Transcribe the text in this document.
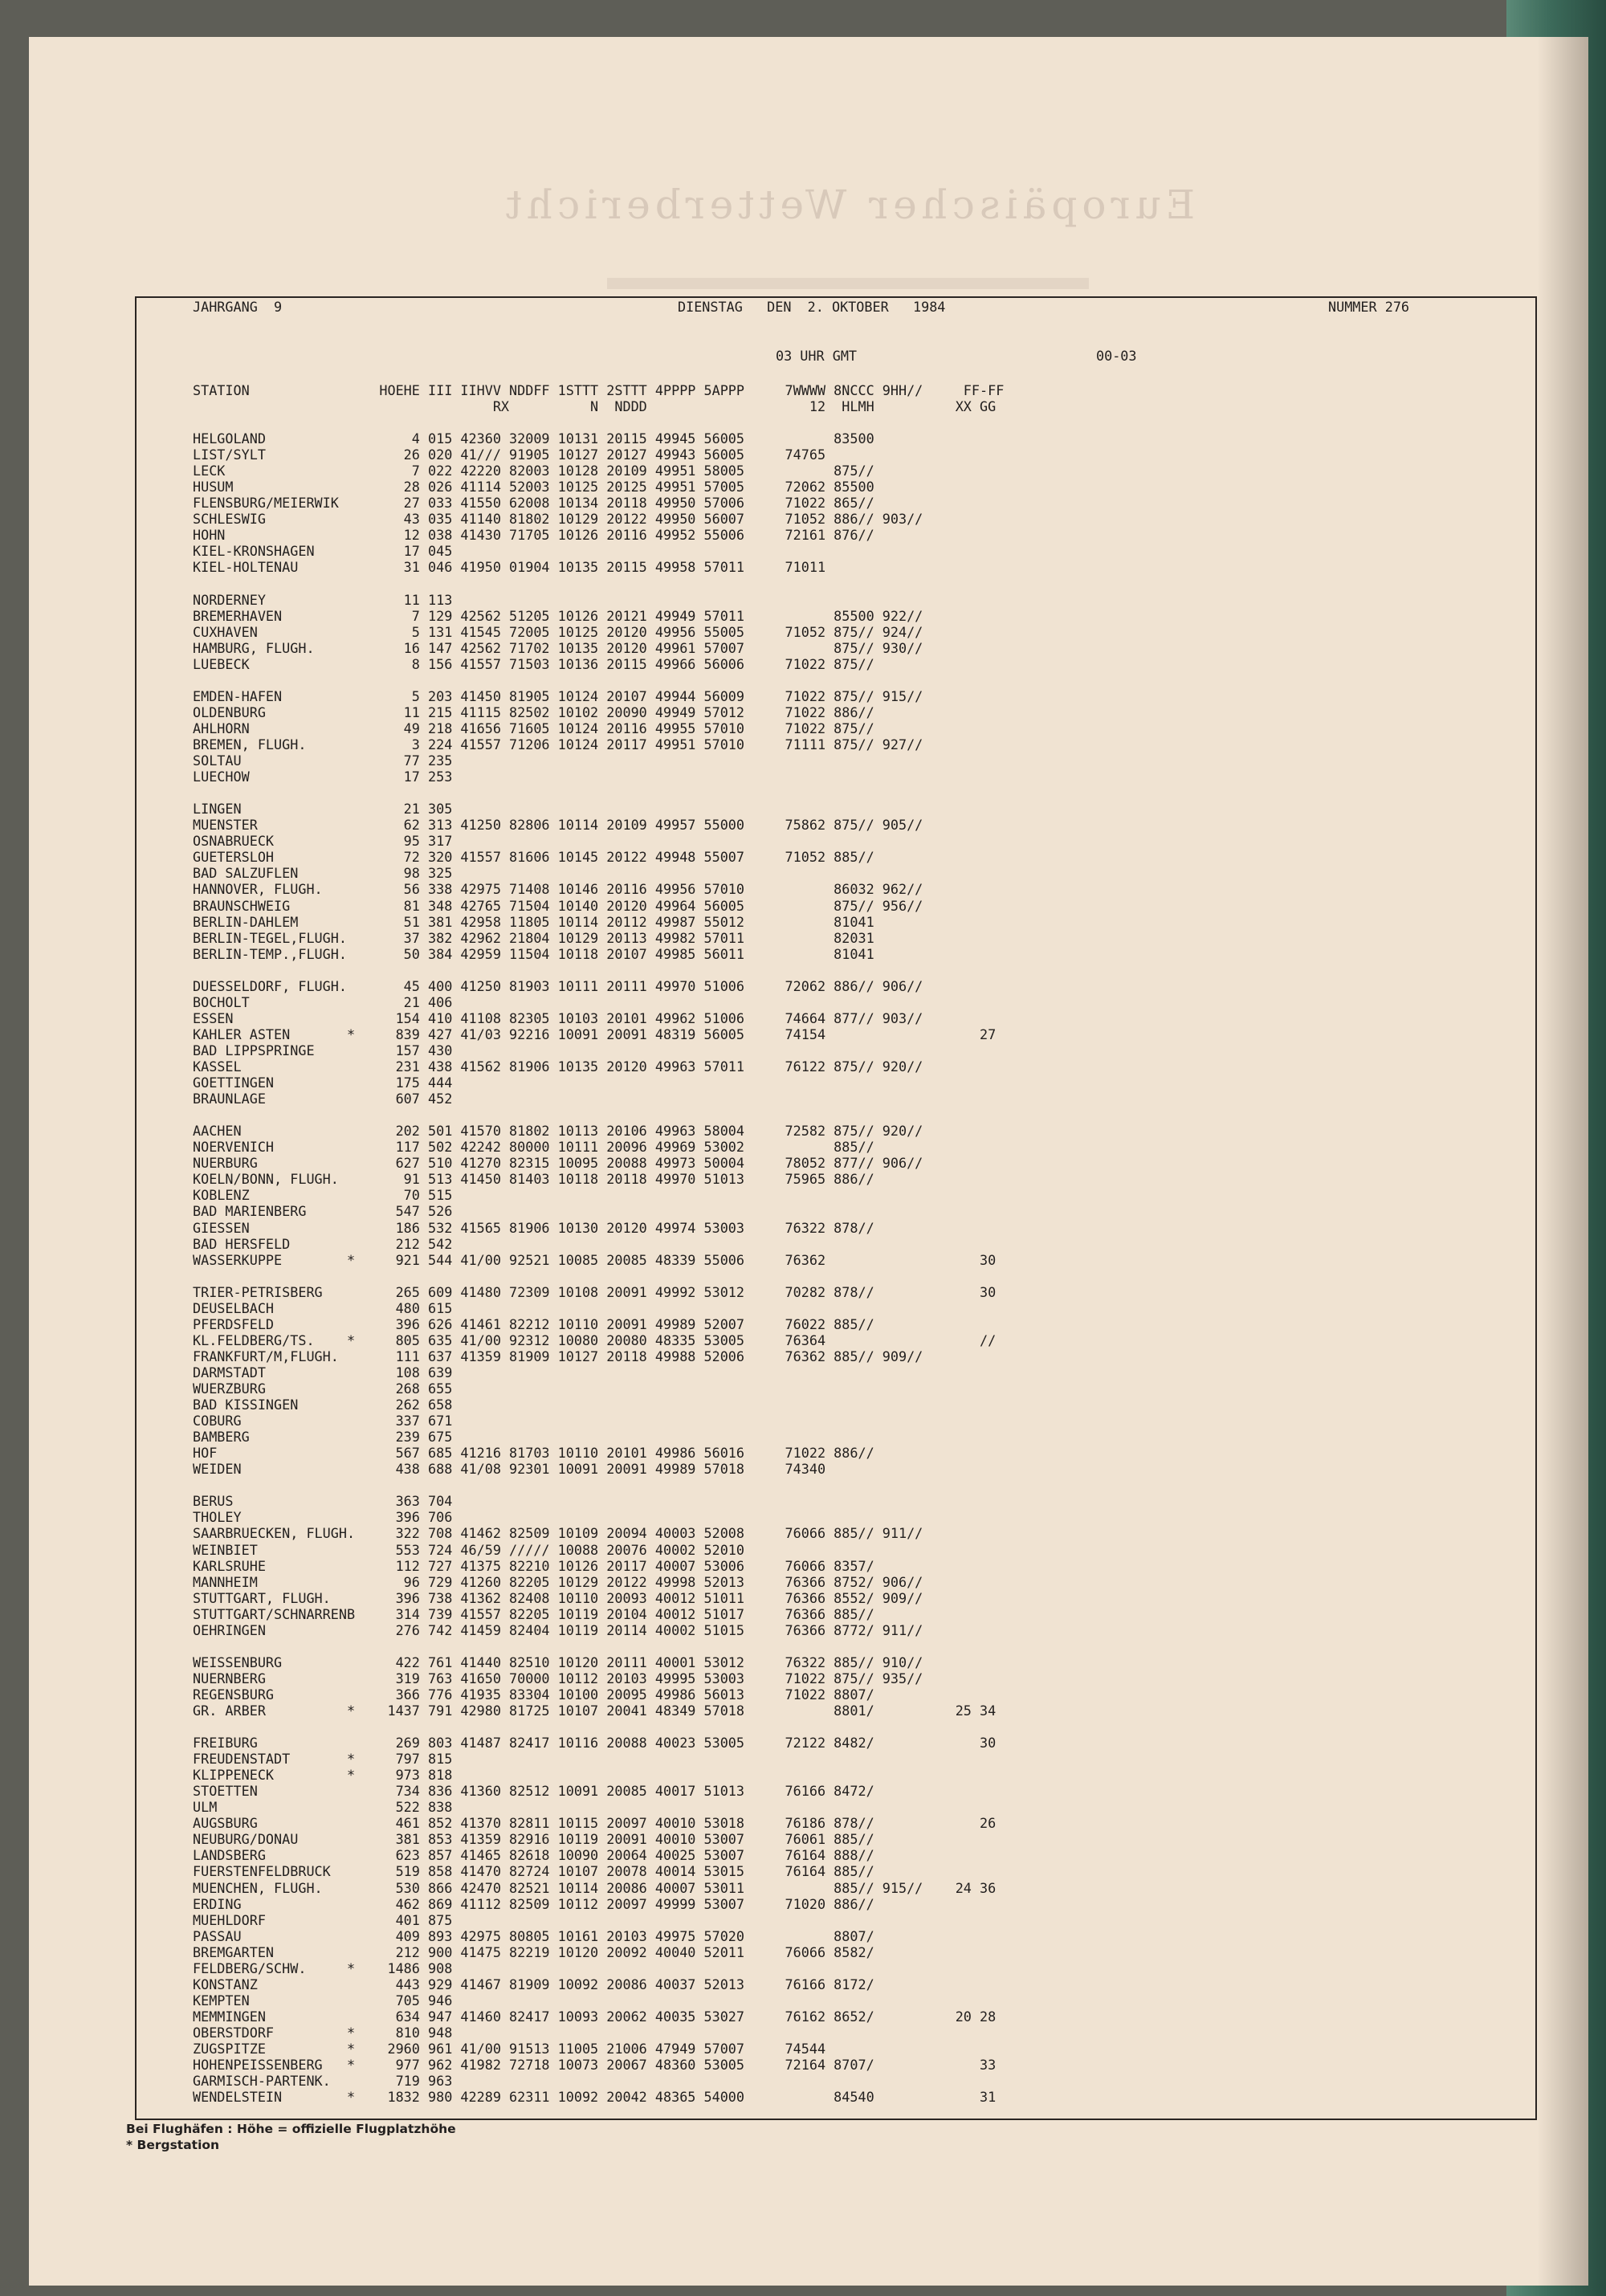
Europäischer Wetterbericht
JAHRGANG  9	DIENSTAG   DEN  2. OKTOBER   1984	NUMMER 276
03 UHR GMT	00-03
STATION                HOEHE III IIHVV NDDFF 1STTT 2STTT 4PPPP 5APPP     7WWWW 8NCCC 9HH//     FF-FF
RX          N  NDDD                    12  HLMH          XX GG
HELGOLAND                  4 015 42360 32009 10131 20115 49945 56005           83500
LIST/SYLT                 26 020 41/// 91905 10127 20127 49943 56005     74765
LECK                       7 022 42220 82003 10128 20109 49951 58005           875//
HUSUM                     28 026 41114 52003 10125 20125 49951 57005     72062 85500
FLENSBURG/MEIERWIK        27 033 41550 62008 10134 20118 49950 57006     71022 865//
SCHLESWIG                 43 035 41140 81802 10129 20122 49950 56007     71052 886// 903//
HOHN                      12 038 41430 71705 10126 20116 49952 55006     72161 876//
KIEL-KRONSHAGEN           17 045
KIEL-HOLTENAU             31 046 41950 01904 10135 20115 49958 57011     71011
NORDERNEY                 11 113
BREMERHAVEN                7 129 42562 51205 10126 20121 49949 57011           85500 922//
CUXHAVEN                   5 131 41545 72005 10125 20120 49956 55005     71052 875// 924//
HAMBURG, FLUGH.           16 147 42562 71702 10135 20120 49961 57007           875// 930//
LUEBECK                    8 156 41557 71503 10136 20115 49966 56006     71022 875//
EMDEN-HAFEN                5 203 41450 81905 10124 20107 49944 56009     71022 875// 915//
OLDENBURG                 11 215 41115 82502 10102 20090 49949 57012     71022 886//
AHLHORN                   49 218 41656 71605 10124 20116 49955 57010     71022 875//
BREMEN, FLUGH.             3 224 41557 71206 10124 20117 49951 57010     71111 875// 927//
SOLTAU                    77 235
LUECHOW                   17 253
LINGEN                    21 305
MUENSTER                  62 313 41250 82806 10114 20109 49957 55000     75862 875// 905//
OSNABRUECK                95 317
GUETERSLOH                72 320 41557 81606 10145 20122 49948 55007     71052 885//
BAD SALZUFLEN             98 325
HANNOVER, FLUGH.          56 338 42975 71408 10146 20116 49956 57010           86032 962//
BRAUNSCHWEIG              81 348 42765 71504 10140 20120 49964 56005           875// 956//
BERLIN-DAHLEM             51 381 42958 11805 10114 20112 49987 55012           81041
BERLIN-TEGEL,FLUGH.       37 382 42962 21804 10129 20113 49982 57011           82031
BERLIN-TEMP.,FLUGH.       50 384 42959 11504 10118 20107 49985 56011           81041
DUESSELDORF, FLUGH.       45 400 41250 81903 10111 20111 49970 51006     72062 886// 906//
BOCHOLT                   21 406
ESSEN                    154 410 41108 82305 10103 20101 49962 51006     74664 877// 903//
KAHLER ASTEN       *     839 427 41/03 92216 10091 20091 48319 56005     74154                   27
BAD LIPPSPRINGE          157 430
KASSEL                   231 438 41562 81906 10135 20120 49963 57011     76122 875// 920//
GOETTINGEN               175 444
BRAUNLAGE                607 452
AACHEN                   202 501 41570 81802 10113 20106 49963 58004     72582 875// 920//
NOERVENICH               117 502 42242 80000 10111 20096 49969 53002           885//
NUERBURG                 627 510 41270 82315 10095 20088 49973 50004     78052 877// 906//
KOELN/BONN, FLUGH.        91 513 41450 81403 10118 20118 49970 51013     75965 886//
KOBLENZ                   70 515
BAD MARIENBERG           547 526
GIESSEN                  186 532 41565 81906 10130 20120 49974 53003     76322 878//
BAD HERSFELD             212 542
WASSERKUPPE        *     921 544 41/00 92521 10085 20085 48339 55006     76362                   30
TRIER-PETRISBERG         265 609 41480 72309 10108 20091 49992 53012     70282 878//             30
DEUSELBACH               480 615
PFERDSFELD               396 626 41461 82212 10110 20091 49989 52007     76022 885//
KL.FELDBERG/TS.    *     805 635 41/00 92312 10080 20080 48335 53005     76364                   //
FRANKFURT/M,FLUGH.       111 637 41359 81909 10127 20118 49988 52006     76362 885// 909//
DARMSTADT                108 639
WUERZBURG                268 655
BAD KISSINGEN            262 658
COBURG                   337 671
BAMBERG                  239 675
HOF                      567 685 41216 81703 10110 20101 49986 56016     71022 886//
WEIDEN                   438 688 41/08 92301 10091 20091 49989 57018     74340
BERUS                    363 704
THOLEY                   396 706
SAARBRUECKEN, FLUGH.     322 708 41462 82509 10109 20094 40003 52008     76066 885// 911//
WEINBIET                 553 724 46/59 ///// 10088 20076 40002 52010
KARLSRUHE                112 727 41375 82210 10126 20117 40007 53006     76066 8357/
MANNHEIM                  96 729 41260 82205 10129 20122 49998 52013     76366 8752/ 906//
STUTTGART, FLUGH.        396 738 41362 82408 10110 20093 40012 51011     76366 8552/ 909//
STUTTGART/SCHNARRENB     314 739 41557 82205 10119 20104 40012 51017     76366 885//
OEHRINGEN                276 742 41459 82404 10119 20114 40002 51015     76366 8772/ 911//
WEISSENBURG              422 761 41440 82510 10120 20111 40001 53012     76322 885// 910//
NUERNBERG                319 763 41650 70000 10112 20103 49995 53003     71022 875// 935//
REGENSBURG               366 776 41935 83304 10100 20095 49986 56013     71022 8807/
GR. ARBER          *    1437 791 42980 81725 10107 20041 48349 57018           8801/          25 34
FREIBURG                 269 803 41487 82417 10116 20088 40023 53005     72122 8482/             30
FREUDENSTADT       *     797 815
KLIPPENECK         *     973 818
STOETTEN                 734 836 41360 82512 10091 20085 40017 51013     76166 8472/
ULM                      522 838
AUGSBURG                 461 852 41370 82811 10115 20097 40010 53018     76186 878//             26
NEUBURG/DONAU            381 853 41359 82916 10119 20091 40010 53007     76061 885//
LANDSBERG                623 857 41465 82618 10090 20064 40025 53007     76164 888//
FUERSTENFELDBRUCK        519 858 41470 82724 10107 20078 40014 53015     76164 885//
MUENCHEN, FLUGH.         530 866 42470 82521 10114 20086 40007 53011           885// 915//    24 36
ERDING                   462 869 41112 82509 10112 20097 49999 53007     71020 886//
MUEHLDORF                401 875
PASSAU                   409 893 42975 80805 10161 20103 49975 57020           8807/
BREMGARTEN               212 900 41475 82219 10120 20092 40040 52011     76066 8582/
FELDBERG/SCHW.     *    1486 908
KONSTANZ                 443 929 41467 81909 10092 20086 40037 52013     76166 8172/
KEMPTEN                  705 946
MEMMINGEN                634 947 41460 82417 10093 20062 40035 53027     76162 8652/          20 28
OBERSTDORF         *     810 948
ZUGSPITZE          *    2960 961 41/00 91513 11005 21006 47949 57007     74544
HOHENPEISSENBERG   *     977 962 41982 72718 10073 20067 48360 53005     72164 8707/             33
GARMISCH-PARTENK.        719 963
WENDELSTEIN        *    1832 980 42289 62311 10092 20042 48365 54000           84540             31
Bei Flughäfen : Höhe = offizielle Flugplatzhöhe
* Bergstation
